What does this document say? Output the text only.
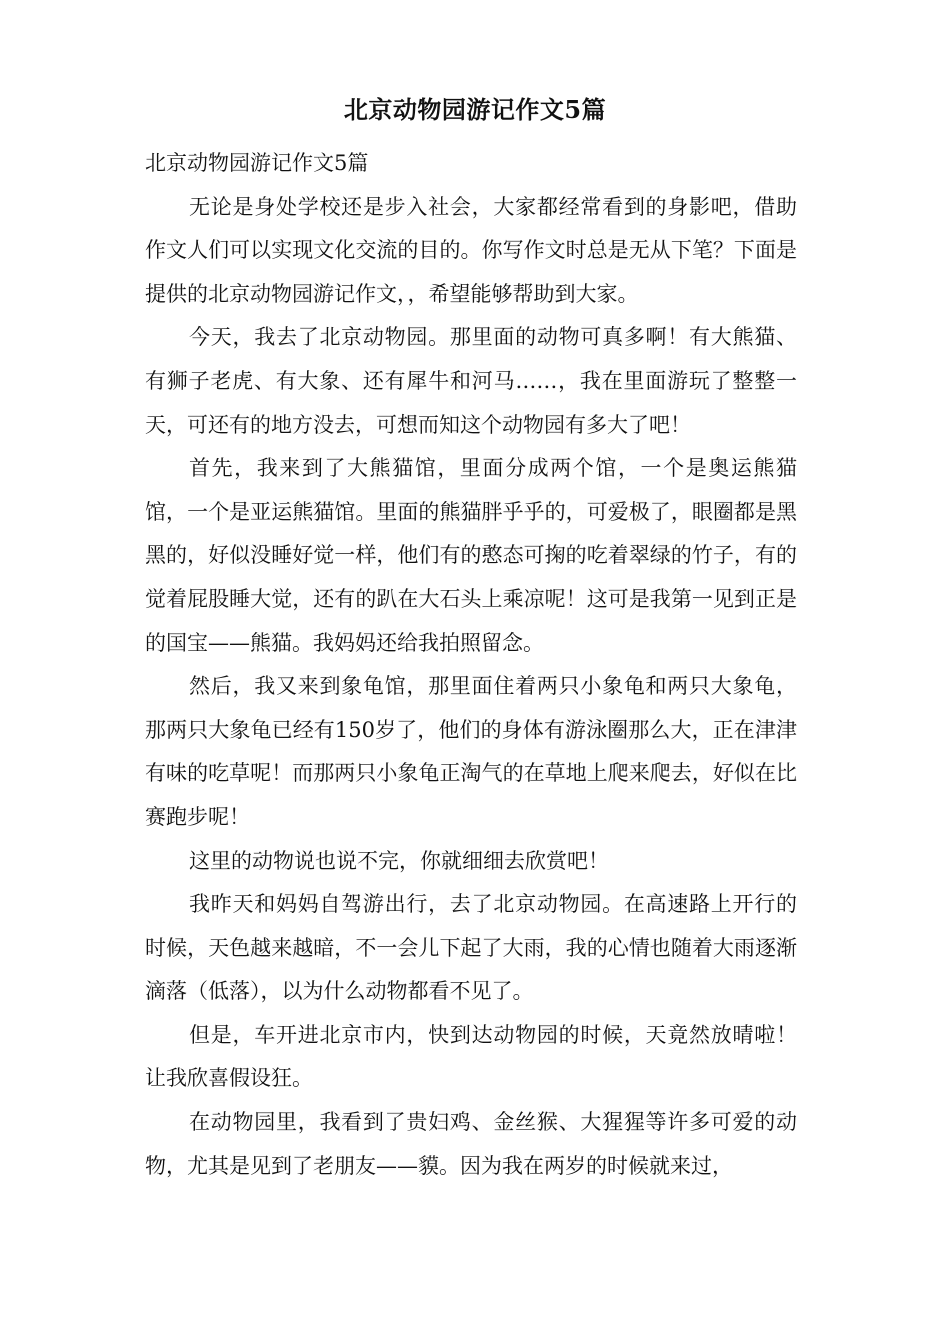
北京动物园游记作文5篇

北京动物园游记作文5篇

无论是身处学校还是步入社会，大家都经常看到的身影吧，借助作文人们可以实现文化交流的目的。你写作文时总是无从下笔？下面是提供的北京动物园游记作文，，希望能够帮助到大家。

今天，我去了北京动物园。那里面的动物可真多啊！有大熊猫、有狮子老虎、有大象、还有犀牛和河马……，我在里面游玩了整整一天，可还有的地方没去，可想而知这个动物园有多大了吧！

首先，我来到了大熊猫馆，里面分成两个馆，一个是奥运熊猫馆，一个是亚运熊猫馆。里面的熊猫胖乎乎的，可爱极了，眼圈都是黑黑的，好似没睡好觉一样，他们有的憨态可掬的吃着翠绿的竹子，有的觉着屁股睡大觉，还有的趴在大石头上乘凉呢！这可是我第一见到正是的国宝——熊猫。我妈妈还给我拍照留念。

然后，我又来到象龟馆，那里面住着两只小象龟和两只大象龟， 那两只大象龟已经有150岁了，他们的身体有游泳圈那么大，正在津津有味的吃草呢！而那两只小象龟正淘气的在草地上爬来爬去，好似在比赛跑步呢！

这里的动物说也说不完，你就细细去欣赏吧！

我昨天和妈妈自驾游出行，去了北京动物园。在高速路上开行的时候，天色越来越暗，不一会儿下起了大雨，我的心情也随着大雨逐渐滴落（低落），以为什么动物都看不见了。

但是，车开进北京市内，快到达动物园的时候，天竟然放晴啦！让我欣喜假设狂。

在动物园里，我看到了贵妇鸡、金丝猴、大猩猩等许多可爱的动物，尤其是见到了老朋友——貘。因为我在两岁的时候就来过，
